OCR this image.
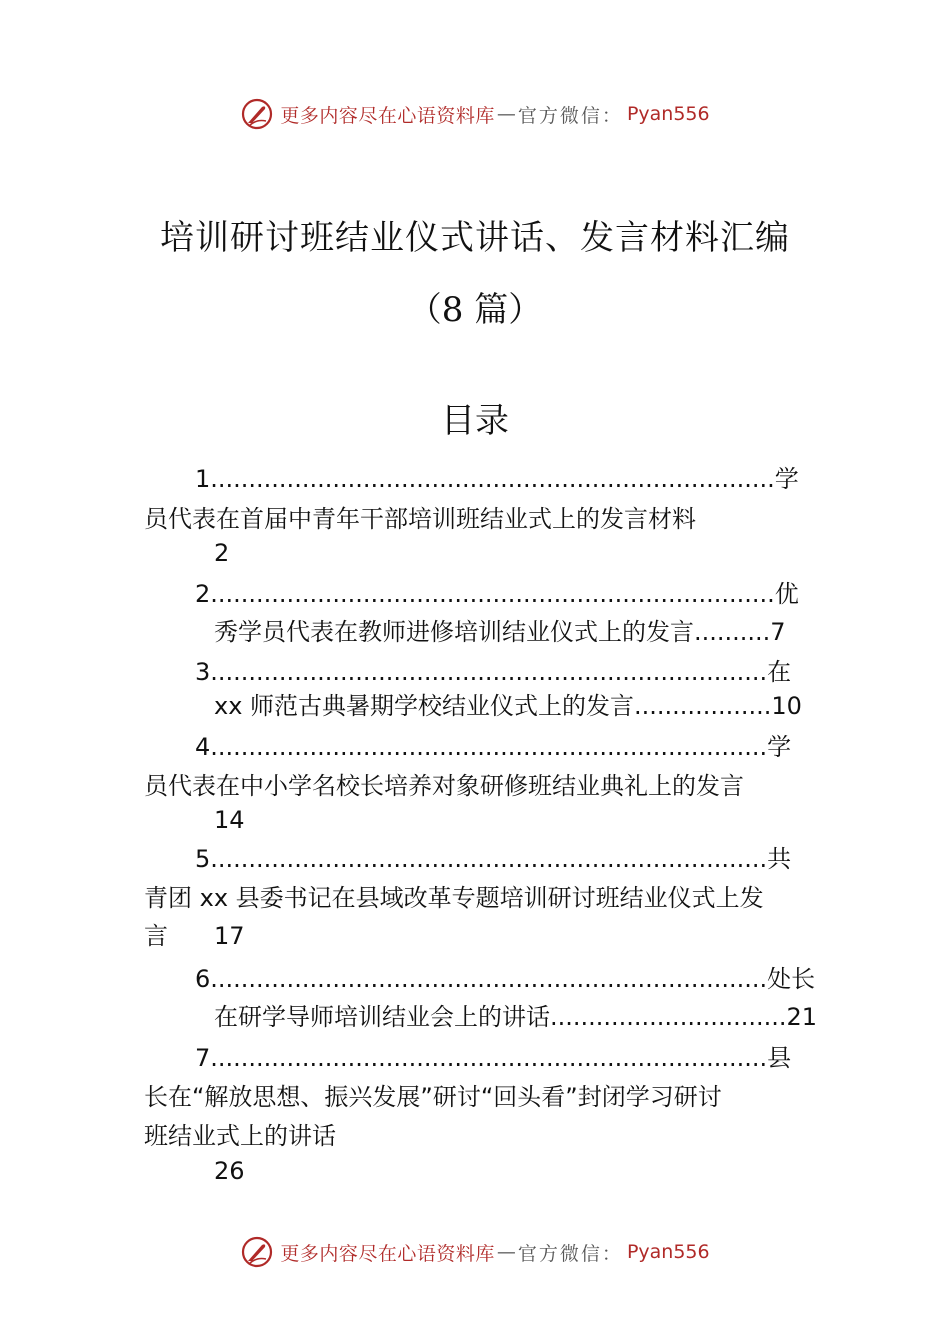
更多内容尽在心语资料库 — 官方微信： Pyan556
培训研讨班结业仪式讲话、发言材料汇编
（8 篇）
目录
1..........................................................................学
员代表在首届中青年干部培训班结业式上的发言材料
2
2..........................................................................优
秀学员代表在教师进修培训结业仪式上的发言..........7
3.........................................................................在
xx 师范古典暑期学校结业仪式上的发言..................10
4.........................................................................学
员代表在中小学名校长培养对象研修班结业典礼上的发言
14
5.........................................................................共
青团 xx 县委书记在县域改革专题培训研讨班结业仪式上发
言 17
6.........................................................................处长
在研学导师培训结业会上的讲话...............................21
7.........................................................................县
长在“解放思想、振兴发展”研讨“回头看”封闭学习研讨
班结业式上的讲话
26
更多内容尽在心语资料库 — 官方微信： Pyan556
